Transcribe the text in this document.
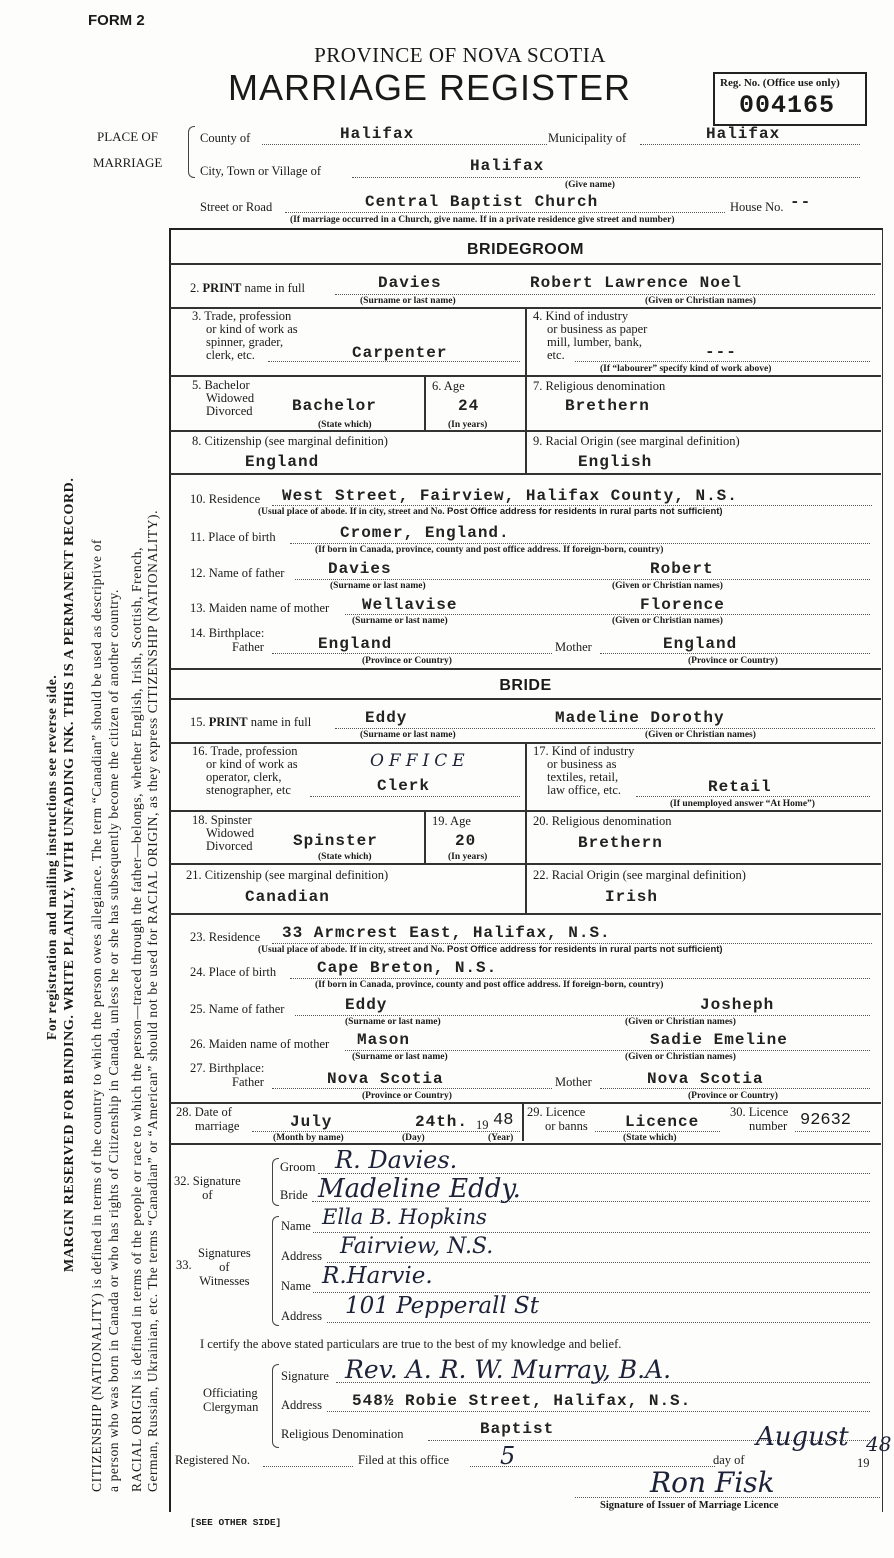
FORM 2
PROVINCE OF NOVA SCOTIA
MARRIAGE REGISTER	Reg. No. (Office use only)
004165
For registration and mailing instructions see reverse side. MARGIN RESERVED FOR BINDING. WRITE PLAINLY, WITH UNFADING INK. THIS IS A PERMANENT RECORD. CITIZENSHIP (NATIONALITY) is defined in terms of the country to which the person owes allegiance. The term “Canadian” should be used as descriptive of a person who was born in Canada or who has rights of Citizenship in Canada, unless he or she has subsequently become the citizen of another country. RACIAL ORIGIN is defined in terms of the people or race to which the person—traced through the father—belongs, whether English, Irish, Scottish, French, German, Russian, Ukrainian, etc. The terms “Canadian” or “American” should not be used for RACIAL ORIGIN, as they express CITIZENSHIP (NATIONALITY).
PLACE OF
MARRIAGE
County of	Halifax	Municipality of	Halifax
City, Town or Village of	Halifax
(Give name)
Street or Road	Central Baptist Church	House No. --
(If marriage occurred in a Church, give name. If in a private residence give street and number)
BRIDEGROOM
2. PRINT name in full	Davies	Robert Lawrence Noel
(Surname or last name)	(Given or Christian names)
3. Trade, profession
or kind of work as
spinner, grader,
clerk, etc.	Carpenter
4. Kind of industry
or business as paper
mill, lumber, bank,
etc.	---
(If “labourer” specify kind of work above)
5. Bachelor
Widowed
Divorced Bachelor
(State which)
6. Age
24
(In years)
7. Religious denomination
Brethern
8. Citizenship (see marginal definition)
England
9. Racial Origin (see marginal definition)
English
10. Residence West Street, Fairview, Halifax County, N.S.
(Usual place of abode. If in city, street and No. Post Office address for residents in rural parts not sufficient)
11. Place of birth	Cromer, England.
(If born in Canada, province, county and post office address. If foreign-born, country)
12. Name of father	Davies	Robert
(Surname or last name)	(Given or Christian names)
13. Maiden name of mother Wellavise	Florence
(Surname or last name)	(Given or Christian names)
14. Birthplace:
Father	England	Mother	England
(Province or Country)	(Province or Country)
BRIDE
15. PRINT name in full	Eddy	Madeline Dorothy
(Surname or last name)	(Given or Christian names)
16. Trade, profession
or kind of work as
operator, clerk,
stenographer, etc
OFFICE
Clerk
17. Kind of industry
or business as
textiles, retail,
law office, etc.	Retail
(If unemployed answer “At Home”)
18. Spinster
Widowed
Divorced	Spinster
(State which)
19. Age
20
(In years)
20. Religious denomination
Brethern
21. Citizenship (see marginal definition)
Canadian
22. Racial Origin (see marginal definition)
Irish
23. Residence 33 Armcrest East, Halifax, N.S.
(Usual place of abode. If in city, street and No. Post Office address for residents in rural parts not sufficient)
24. Place of birth	Cape Breton, N.S.
(If born in Canada, province, county and post office address. If foreign-born, country)
25. Name of father	Eddy	Josheph
(Surname or last name)	(Given or Christian names)
26. Maiden name of mother Mason	Sadie Emeline
(Surname or last name)	(Given or Christian names)
27. Birthplace:
Father	Nova Scotia	Mother	Nova Scotia
(Province or Country)	(Province or Country)
28. Date of
marriage	July	24th. 19 48
(Month by name)	(Day)	(Year)
29. Licence
or banns Licence
(State which)
30. Licence
number 92632
32. Signature
of
Groom R. Davies.
Bride Madeline Eddy.
33.
Signatures
of
Witnesses
Name Ella B. Hopkins
Address Fairview, N.S.
Name R.Harvie.
Address 101 Pepperall St
I certify the above stated particulars are true to the best of my knowledge and belief.
Officiating
Clergyman
Signature Rev. A. R. W. Murray, B.A.
Address 548½ Robie Street, Halifax, N.S.
Religious Denomination	Baptist
Registered No.	Filed at this office 5	day of
August
19
48
Ron Fisk
Signature of Issuer of Marriage Licence
[SEE OTHER SIDE]
